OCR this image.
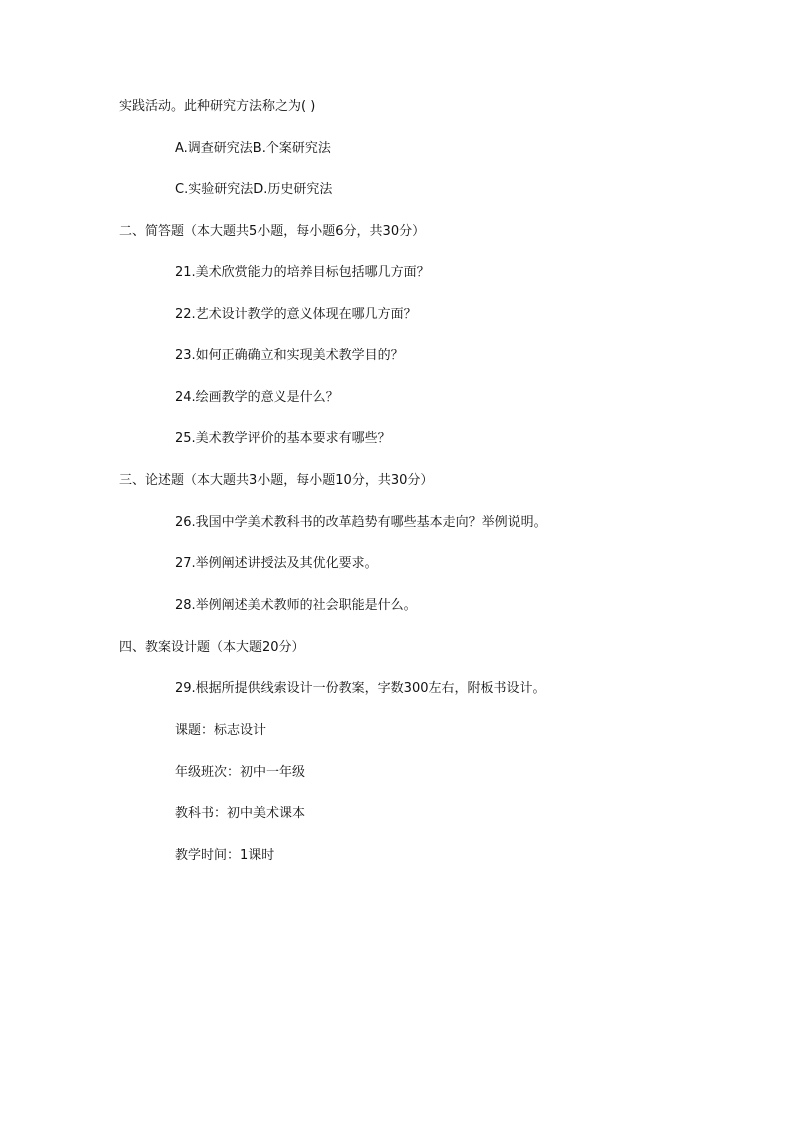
实践活动。此种研究方法称之为( )

A.调查研究法B.个案研究法

C.实验研究法D.历史研究法

二、简答题（本大题共5小题，每小题6分，共30分）

21.美术欣赏能力的培养目标包括哪几方面？

22.艺术设计教学的意义体现在哪几方面？

23.如何正确确立和实现美术教学目的？

24.绘画教学的意义是什么？

25.美术教学评价的基本要求有哪些？

三、论述题（本大题共3小题，每小题10分，共30分）

26.我国中学美术教科书的改革趋势有哪些基本走向？举例说明。

27.举例阐述讲授法及其优化要求。

28.举例阐述美术教师的社会职能是什么。

四、教案设计题（本大题20分）

29.根据所提供线索设计一份教案，字数300左右，附板书设计。

课题：标志设计

年级班次：初中一年级

教科书：初中美术课本

教学时间：1课时
